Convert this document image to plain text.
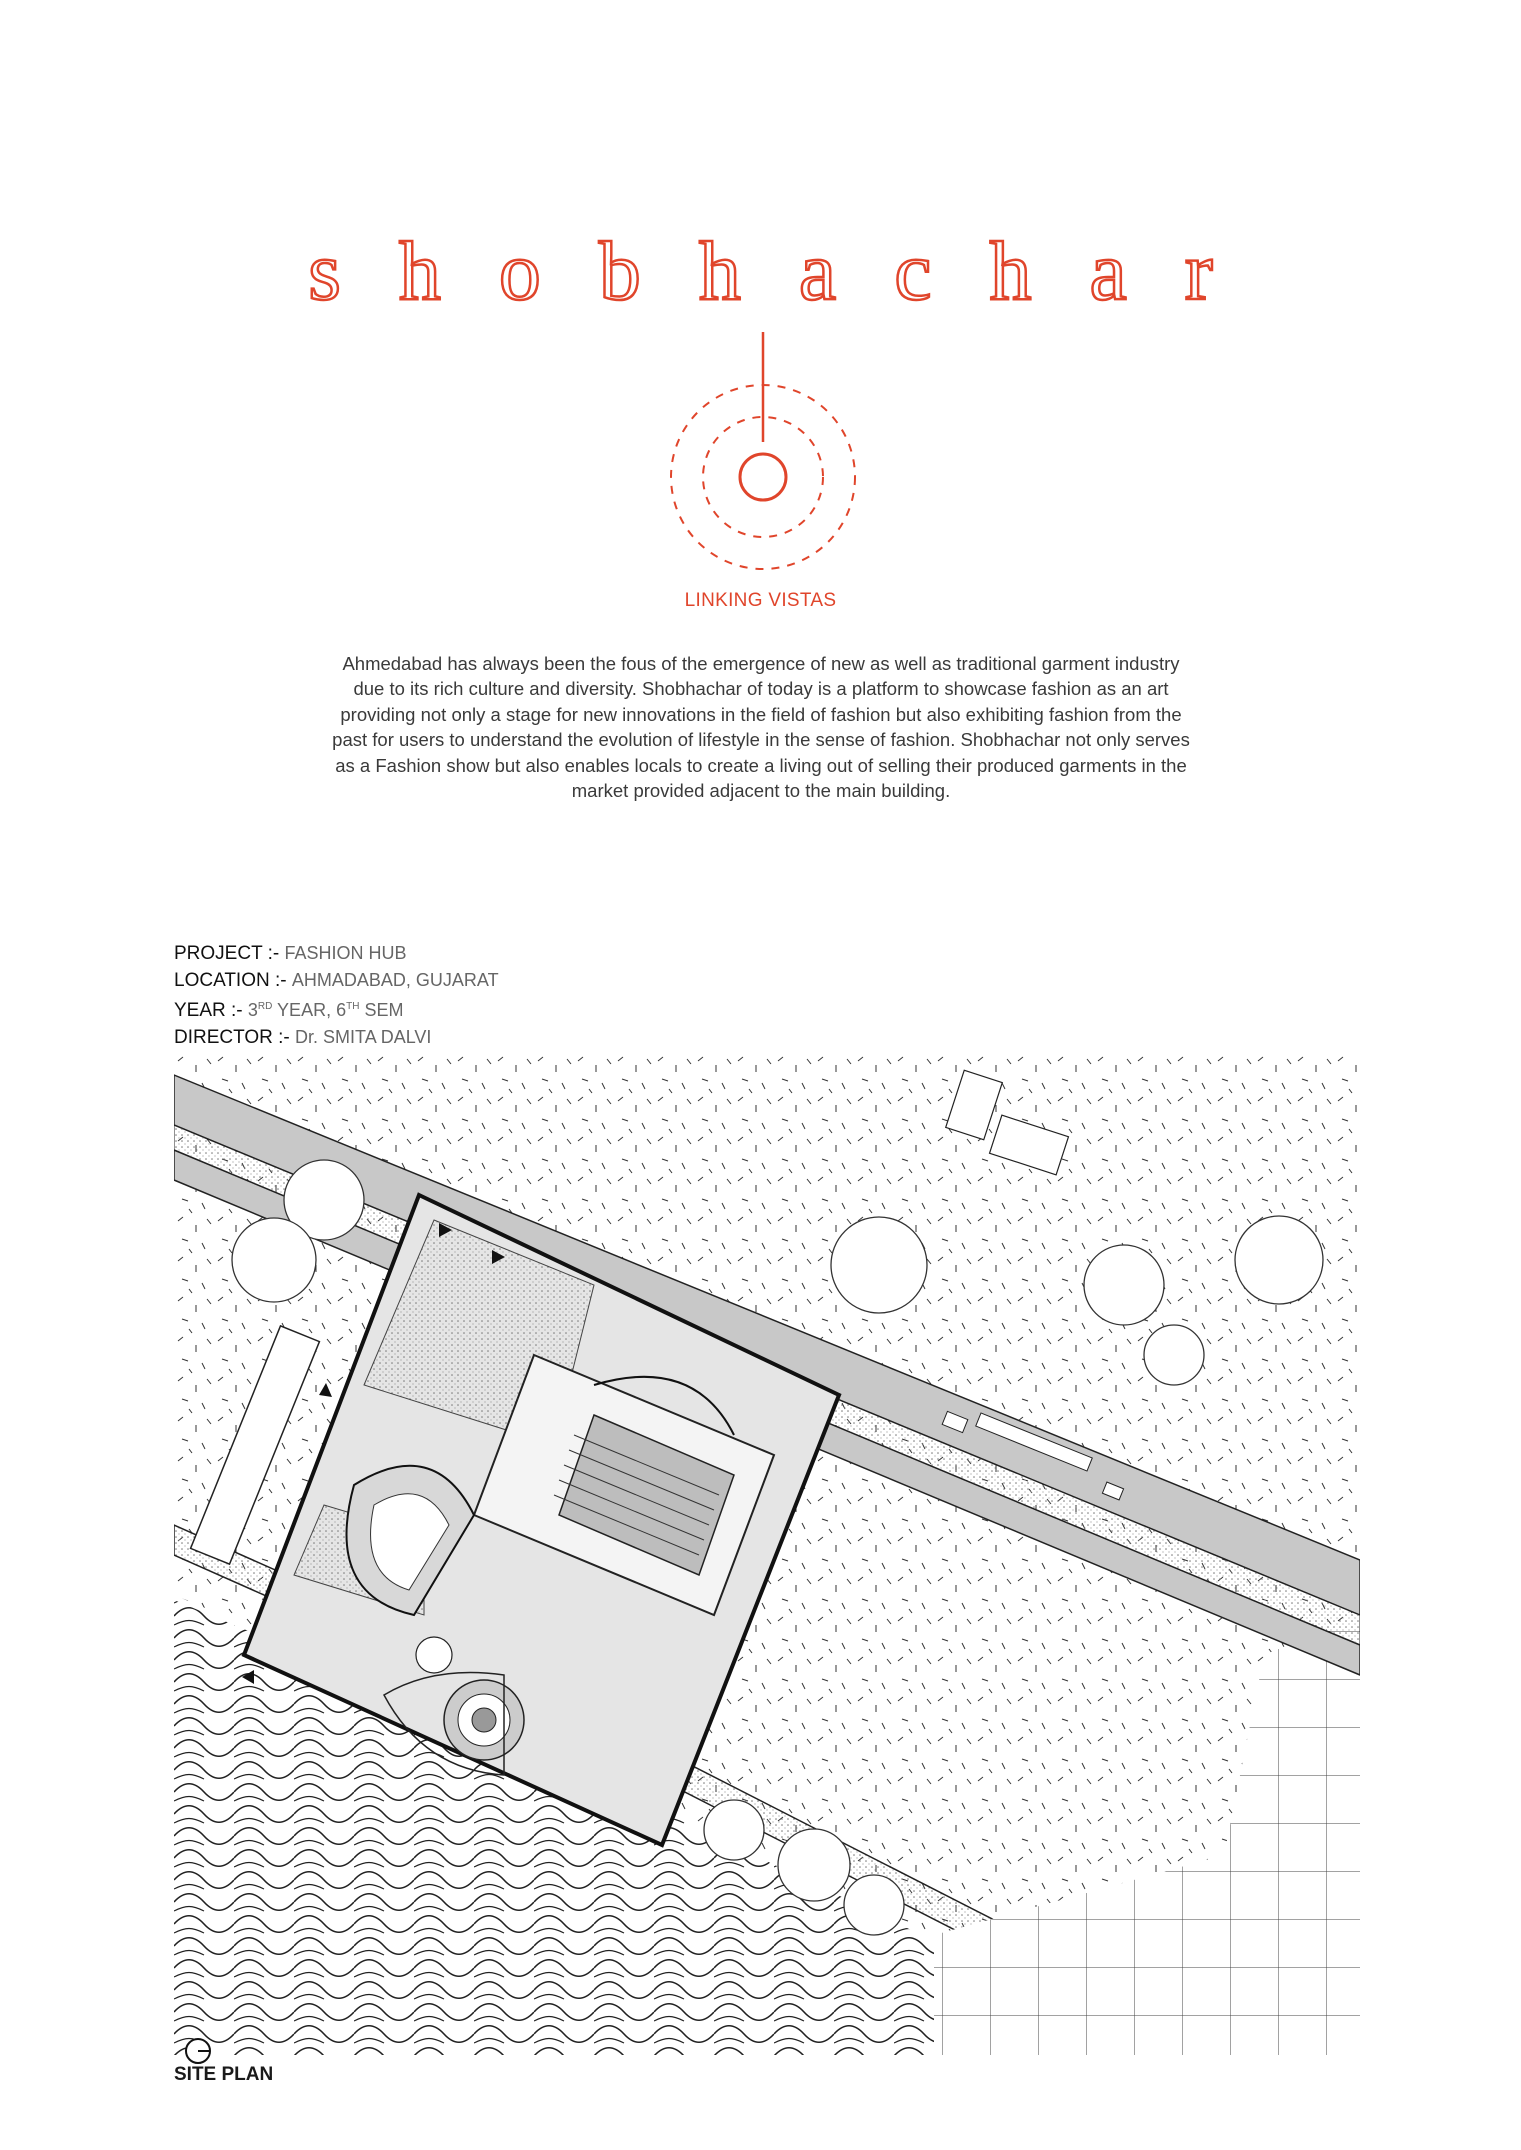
shobhachar
LINKING VISTAS

Ahmedabad has always been the fous of the emergence of new as well as traditional garment industry due to its rich culture and diversity. Shobhachar of today is a platform to showcase fashion as an art providing not only a stage for new innovations in the field of fashion but also exhibiting fashion from the past for users to understand the evolution of lifestyle in the sense of fashion. Shobhachar not only serves as a Fashion show but also enables locals to create a living out of selling their produced garments in the market provided adjacent to the main building.

PROJECT :- FASHION HUB
LOCATION :- AHMADABAD, GUJARAT
YEAR :- 3RD YEAR, 6TH SEM
DIRECTOR :- Dr. SMITA DALVI
SITE PLAN
